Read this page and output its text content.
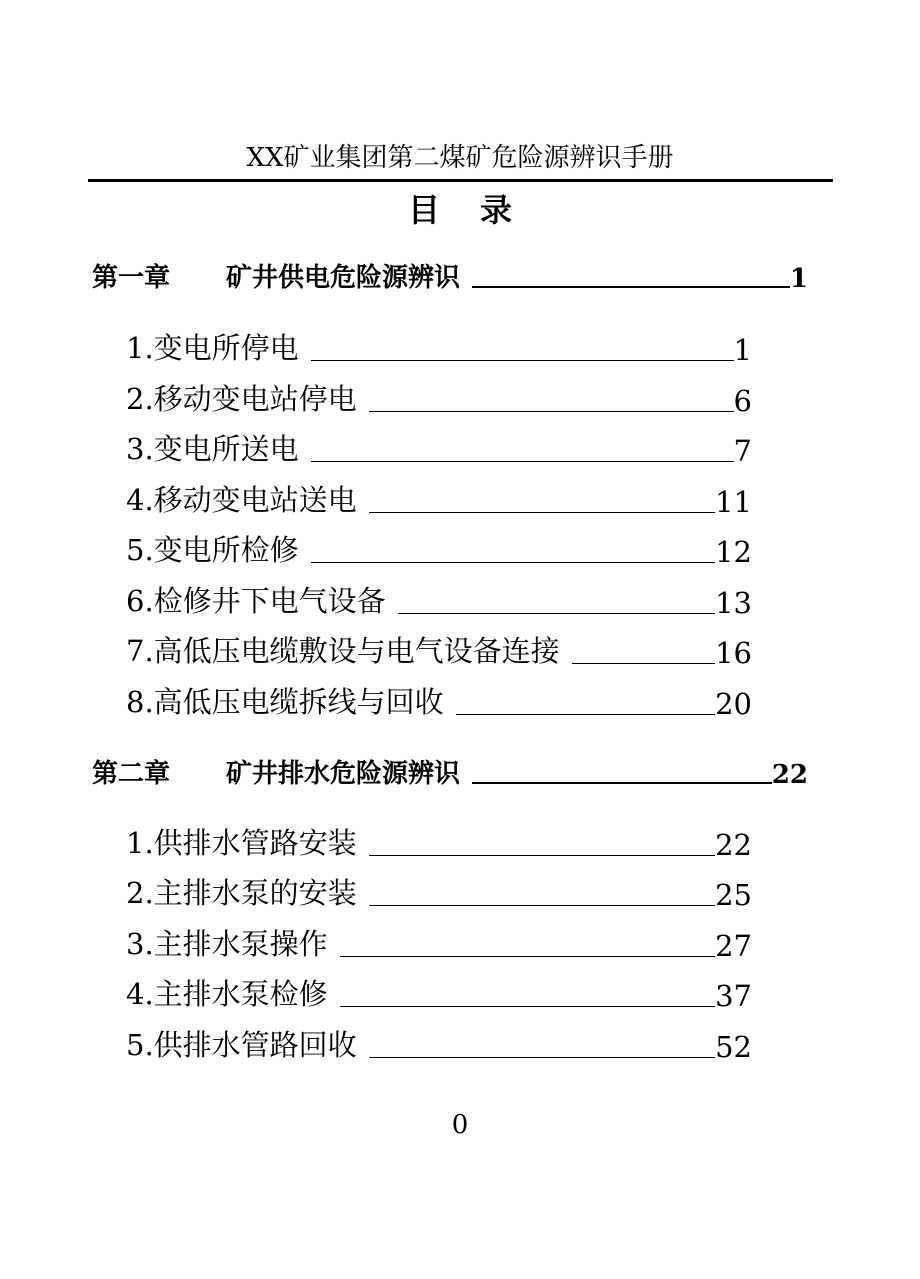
XX矿业集团第二煤矿危险源辨识手册
目录
第一章	矿井供电危险源辨识	1
1.变电所停电	1
2.移动变电站停电	6
3.变电所送电	7
4.移动变电站送电	11
5.变电所检修	12
6.检修井下电气设备	13
7.高低压电缆敷设与电气设备连接	16
8.高低压电缆拆线与回收	20
第二章	矿井排水危险源辨识	22
1.供排水管路安装	22
2.主排水泵的安装	25
3.主排水泵操作	27
4.主排水泵检修	37
5.供排水管路回收	52
0
